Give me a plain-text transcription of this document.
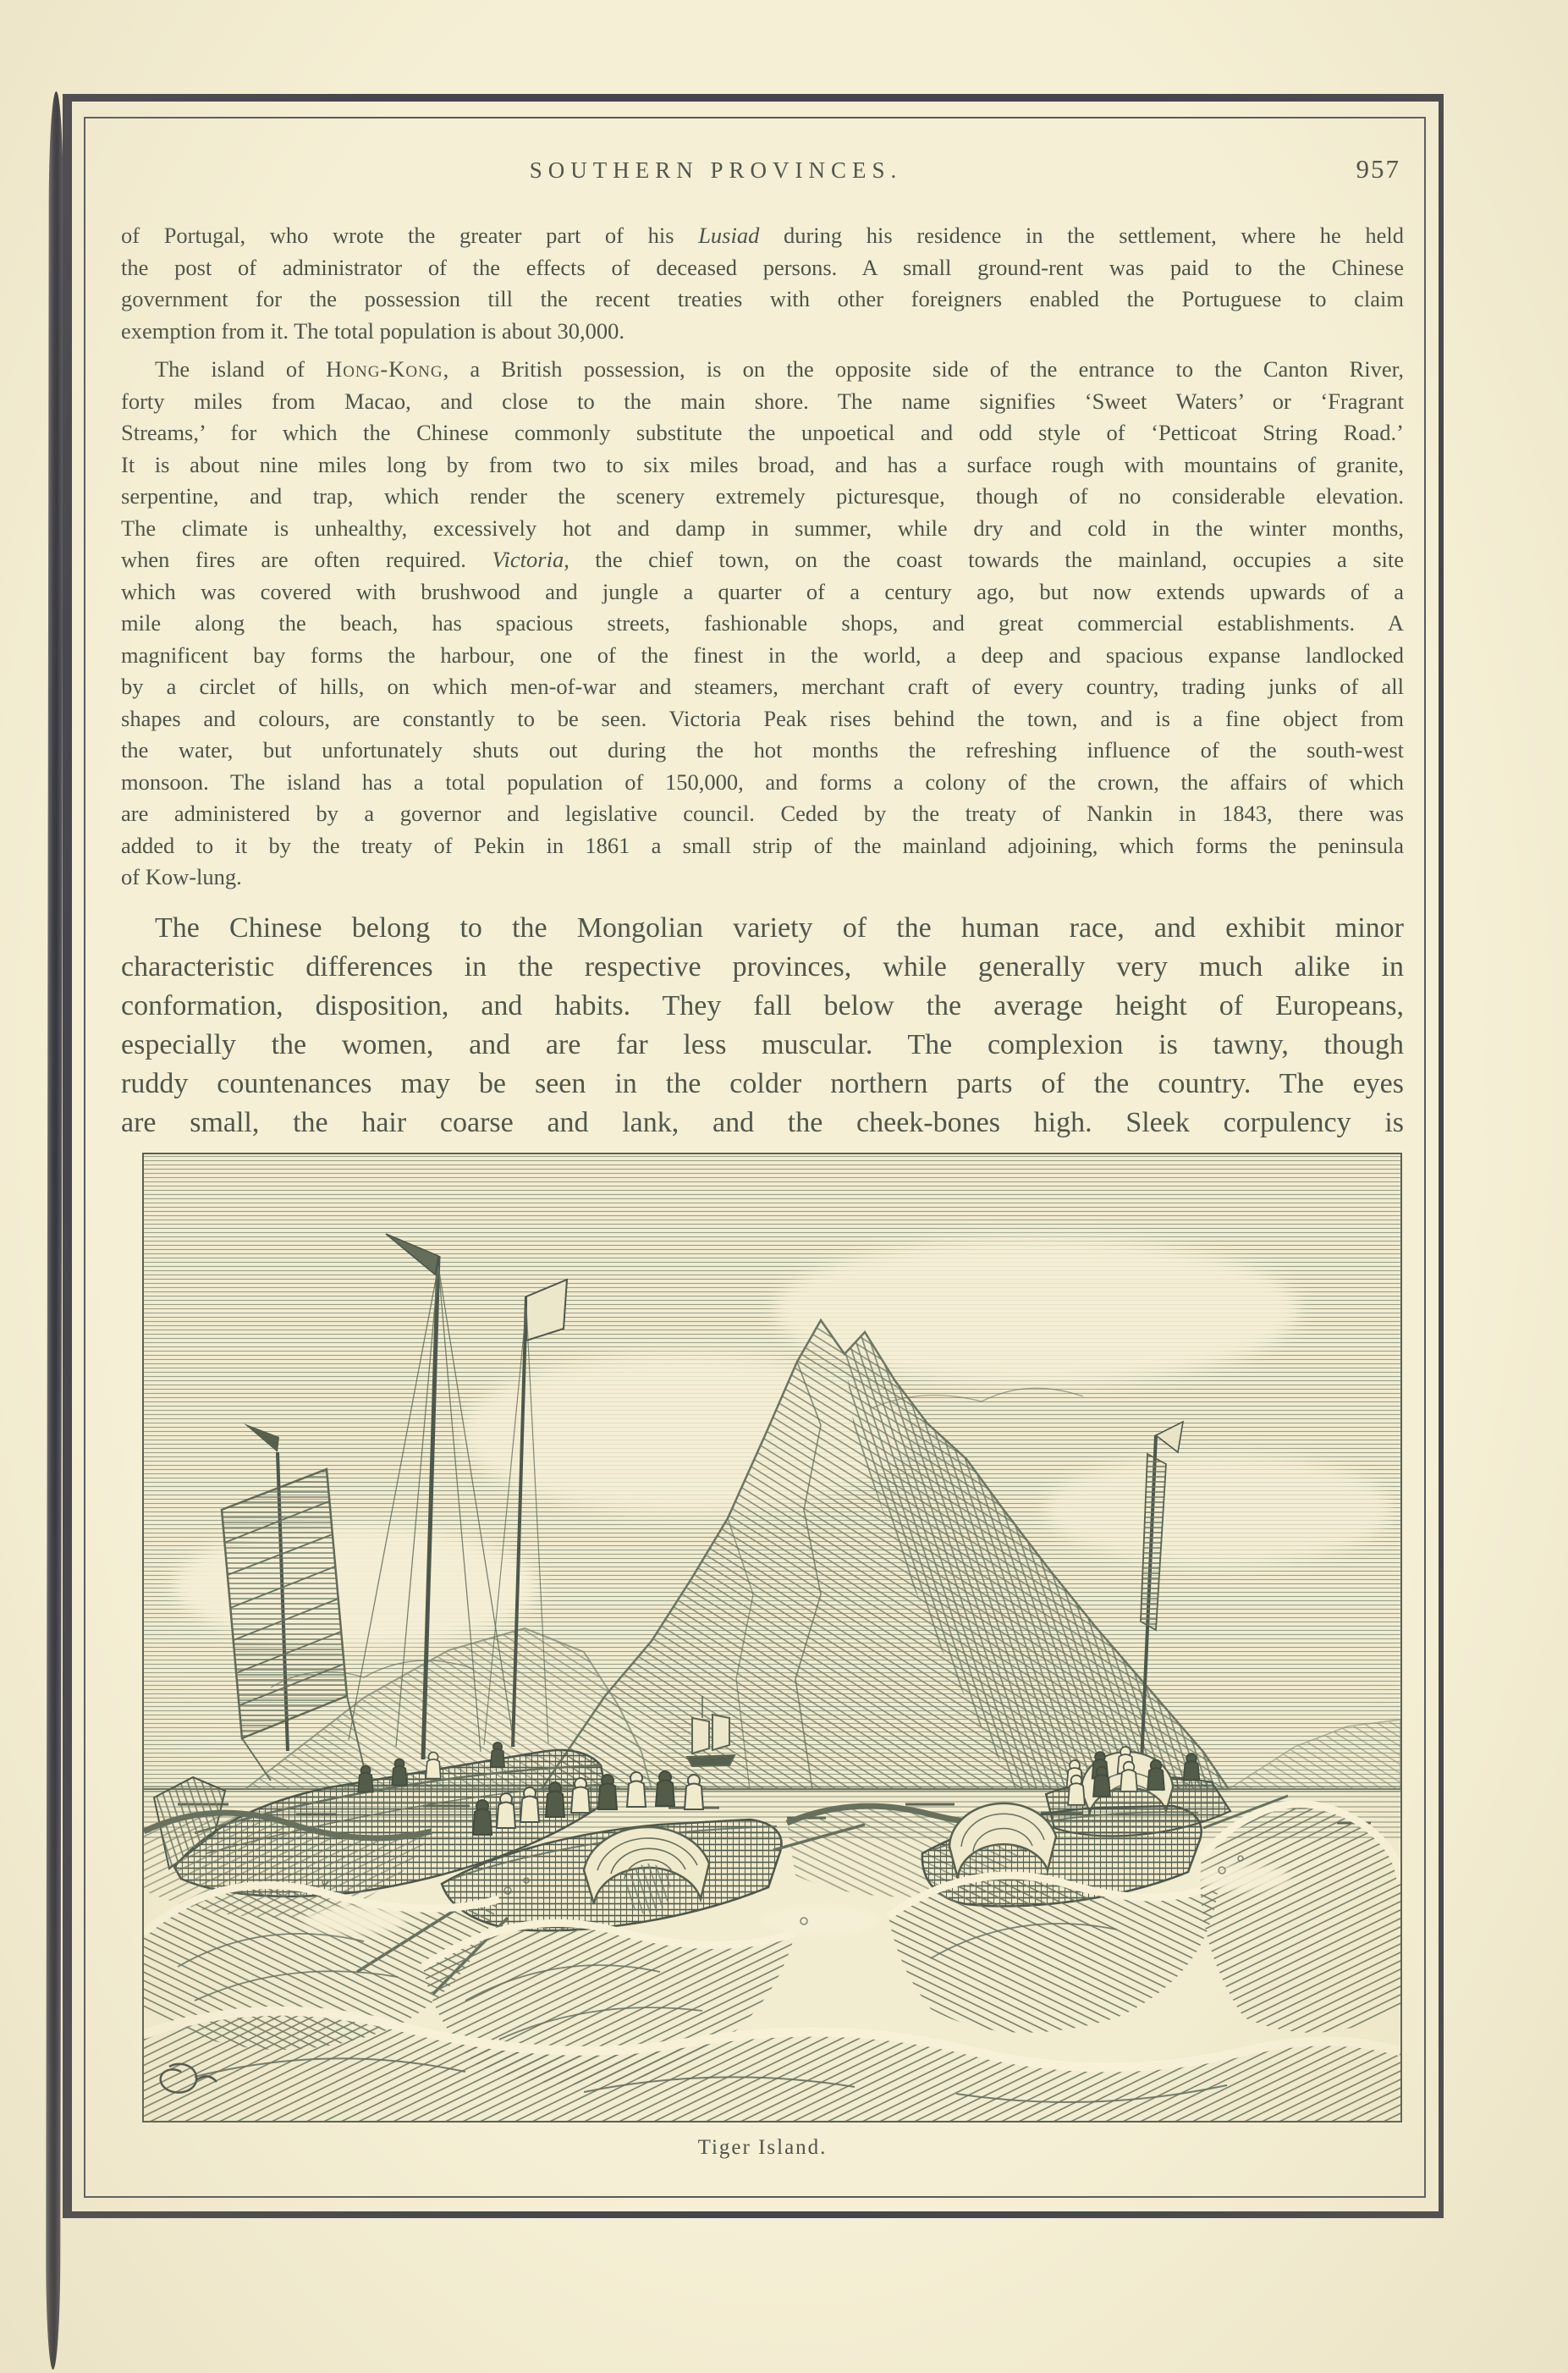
SOUTHERN PROVINCES.	957
of Portugal, who wrote the greater part of his Lusiad during his residence in the settlement, where he held
the post of administrator of the effects of deceased persons. A small ground-rent was paid to the Chinese
government for the possession till the recent treaties with other foreigners enabled the Portuguese to claim
exemption from it. The total population is about 30,000.
The island of Hong-Kong, a British possession, is on the opposite side of the entrance to the Canton River,
forty miles from Macao, and close to the main shore. The name signifies ‘Sweet Waters’ or ‘Fragrant
Streams,’ for which the Chinese commonly substitute the unpoetical and odd style of ‘Petticoat String Road.’
It is about nine miles long by from two to six miles broad, and has a surface rough with mountains of granite,
serpentine, and trap, which render the scenery extremely picturesque, though of no considerable elevation.
The climate is unhealthy, excessively hot and damp in summer, while dry and cold in the winter months,
when fires are often required. Victoria, the chief town, on the coast towards the mainland, occupies a site
which was covered with brushwood and jungle a quarter of a century ago, but now extends upwards of a
mile along the beach, has spacious streets, fashionable shops, and great commercial establishments. A
magnificent bay forms the harbour, one of the finest in the world, a deep and spacious expanse landlocked
by a circlet of hills, on which men-of-war and steamers, merchant craft of every country, trading junks of all
shapes and colours, are constantly to be seen. Victoria Peak rises behind the town, and is a fine object from
the water, but unfortunately shuts out during the hot months the refreshing influence of the south-west
monsoon. The island has a total population of 150,000, and forms a colony of the crown, the affairs of which
are administered by a governor and legislative council. Ceded by the treaty of Nankin in 1843, there was
added to it by the treaty of Pekin in 1861 a small strip of the mainland adjoining, which forms the peninsula
of Kow-lung.
The Chinese belong to the Mongolian variety of the human race, and exhibit minor
characteristic differences in the respective provinces, while generally very much alike in
conformation, disposition, and habits. They fall below the average height of Europeans,
especially the women, and are far less muscular. The complexion is tawny, though
ruddy countenances may be seen in the colder northern parts of the country. The eyes
are small, the hair coarse and lank, and the cheek-bones high. Sleek corpulency is
Tiger Island.
